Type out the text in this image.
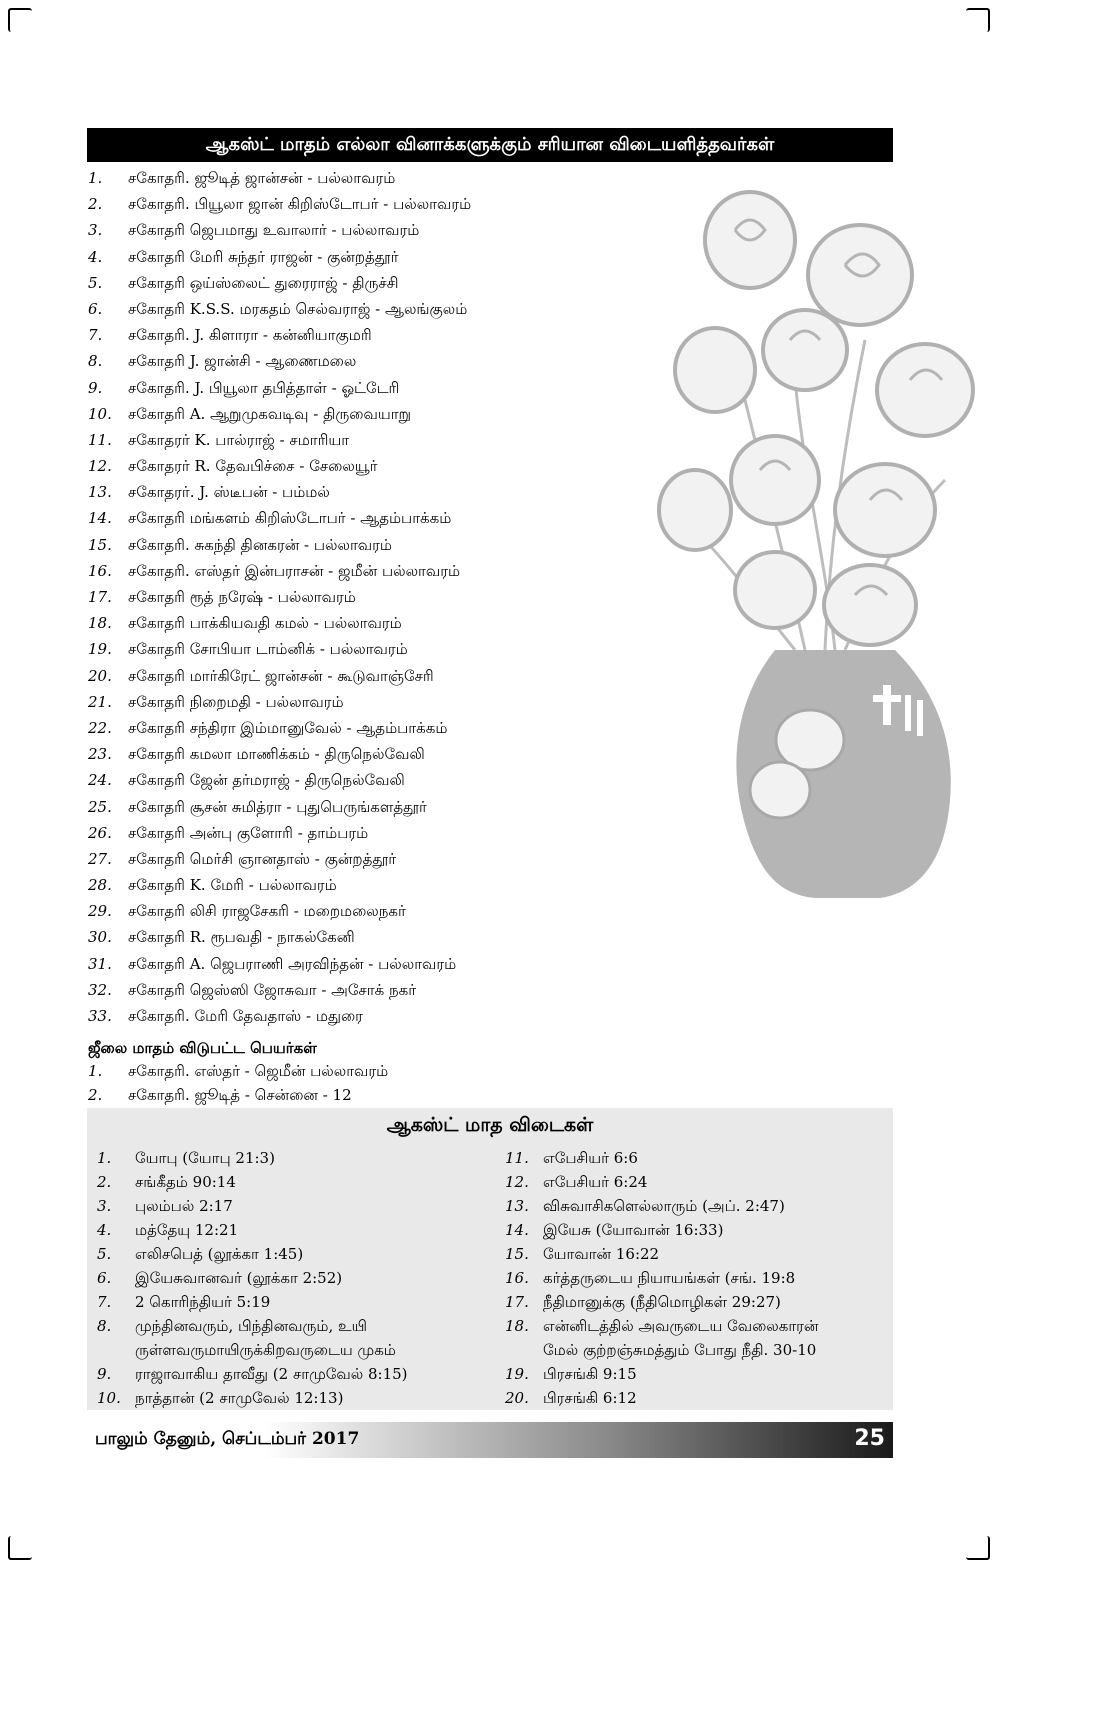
ஆகஸ்ட் மாதம் எல்லா வினாக்களுக்கும் சரியான விடையளித்தவர்கள்
1.	சகோதரி. ஜூடித் ஜான்சன் - பல்லாவரம்
2.	சகோதரி. பியூலா ஜான் கிறிஸ்டோபர் - பல்லாவரம்
3.	சகோதரி ஜெபமாது உவாலார் - பல்லாவரம்
4.	சகோதரி மேரி சுந்தர் ராஜன் - குன்றத்தூர்
5.	சகோதரி ஒய்ஸ்லைட் துரைராஜ் - திருச்சி
6.	சகோதரி K.S.S. மரகதம் செல்வராஜ் - ஆலங்குலம்
7.	சகோதரி. J. கிளாரா - கன்னியாகுமரி
8.	சகோதரி J. ஜான்சி - ஆணைமலை
9.	சகோதரி. J. பியூலா தபித்தாள் - ஓட்டேரி
10.	சகோதரி A. ஆறுமுகவடிவு - திருவையாறு
11.	சகோதரர் K. பால்ராஜ் - சமாரியா
12.	சகோதரர் R. தேவபிச்சை - சேலையூர்
13.	சகோதரர். J. ஸ்டீபன் - பம்மல்
14.	சகோதரி மங்களம் கிறிஸ்டோபர் - ஆதம்பாக்கம்
15.	சகோதரி. சுகந்தி தினகரன் - பல்லாவரம்
16.	சகோதரி. எஸ்தர் இன்பராசன் - ஜமீன் பல்லாவரம்
17.	சகோதரி ரூத் நரேஷ் - பல்லாவரம்
18.	சகோதரி பாக்கியவதி கமல் - பல்லாவரம்
19.	சகோதரி சோபியா டாம்னிக் - பல்லாவரம்
20.	சகோதரி மார்கிரேட் ஜான்சன் - கூடுவாஞ்சேரி
21.	சகோதரி நிறைமதி - பல்லாவரம்
22.	சகோதரி சந்திரா இம்மானுவேல் - ஆதம்பாக்கம்
23.	சகோதரி கமலா மாணிக்கம் - திருநெல்வேலி
24.	சகோதரி ஜேன் தர்மராஜ் - திருநெல்வேலி
25.	சகோதரி சூசன் சுமித்ரா - புதுபெருங்களத்தூர்
26.	சகோதரி அன்பு குளோரி - தாம்பரம்
27.	சகோதரி மெர்சி ஞானதாஸ் - குன்றத்தூர்
28.	சகோதரி K. மேரி - பல்லாவரம்
29.	சகோதரி லிசி ராஜசேகரி - மறைமலைநகர்
30.	சகோதரி R. ரூபவதி - நாகல்கேனி
31.	சகோதரி A. ஜெபராணி அரவிந்தன் - பல்லாவரம்
32.	சகோதரி ஜெஸ்ஸி ஜோசுவா - அசோக் நகர்
33.	சகோதரி. மேரி தேவதாஸ் - மதுரை
ஜீலை மாதம் விடுபட்ட பெயர்கள்
1.	சகோதரி. எஸ்தர் - ஜெமீன் பல்லாவரம்
2.	சகோதரி. ஜூடித் - சென்னை - 12
ஆகஸ்ட் மாத விடைகள்
1.	யோபு (யோபு 21:3)
2.	சங்கீதம் 90:14
3.	புலம்பல் 2:17
4.	மத்தேயு 12:21
5.	எலிசபெத் (லூக்கா 1:45)
6.	இயேசுவானவர் (லூக்கா 2:52)
7.	2 கொரிந்தியர் 5:19
8.	முந்தினவரும், பிந்தினவரும், உயி
ருள்ளவருமாயிருக்கிறவருடைய முகம்
9.	ராஜாவாகிய தாவீது (2 சாமுவேல் 8:15)
10. நாத்தான் (2 சாமுவேல் 12:13)
11. எபேசியர் 6:6
12. எபேசியர் 6:24
13. விசுவாசிகளெல்லாரும் (அப். 2:47)
14. இயேசு (யோவான் 16:33)
15. யோவான் 16:22
16. கர்த்தருடைய நியாயங்கள் (சங். 19:8
17. நீதிமானுக்கு (நீதிமொழிகள் 29:27)
18. என்னிடத்தில் அவருடைய வேலைகாரன்
மேல் குற்றஞ்சுமத்தும் போது நீதி. 30-10
19. பிரசங்கி 9:15
20. பிரசங்கி 6:12
பாலும் தேனும், செப்டம்பர் 2017	25
